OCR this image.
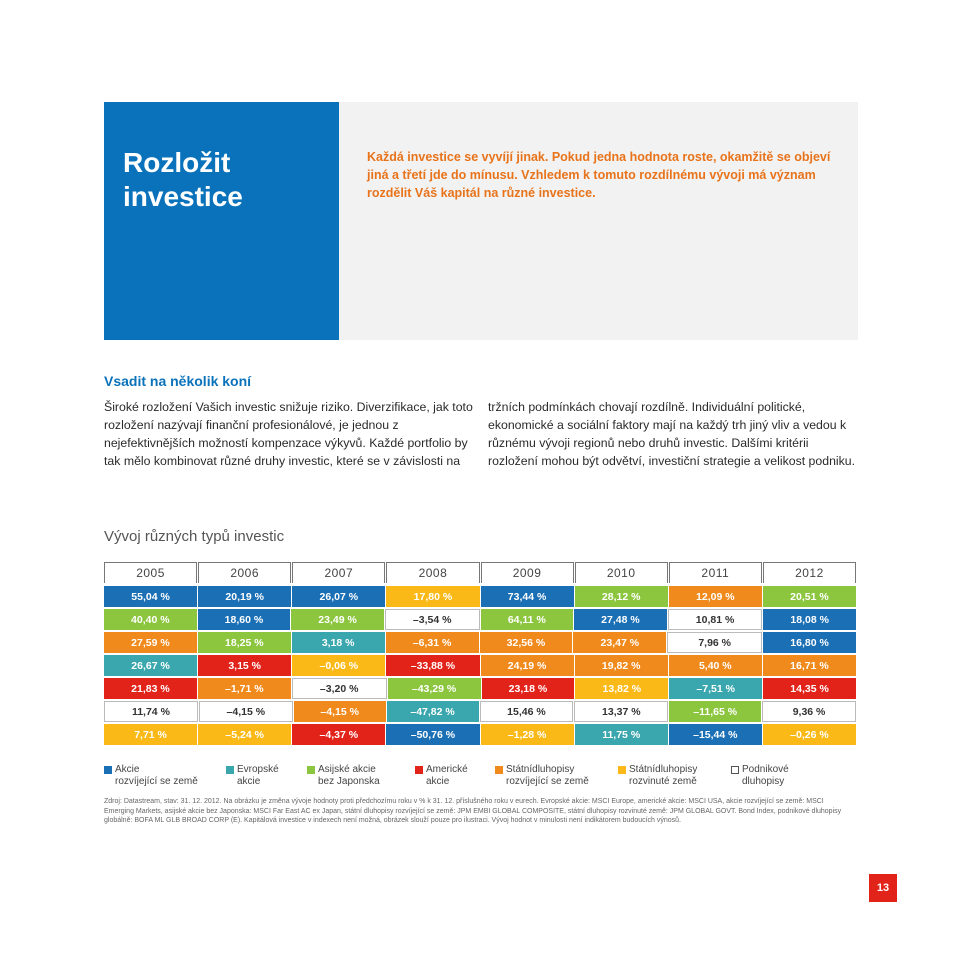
Rozložit
investice
Každá investice se vyvíjí jinak. Pokud jedna hodnota roste, okamžitě se objeví jiná a třetí jde do mínusu. Vzhledem k tomuto rozdílnému vývoji má význam rozdělit Váš kapitál na různé investice.
Vsadit na několik koní
Široké rozložení Vašich investic snižuje riziko. Diverzifikace, jak toto rozložení nazývají finanční profesionálové, je jednou z nejefektivnějších možností kompenzace výkyvů. Každé portfolio by tak mělo kombinovat různé druhy investic, které se v závislosti na
tržních podmínkách chovají rozdílně. Individuální politické, ekonomické a sociální faktory mají na každý trh jiný vliv a vedou k různému vývoji regionů nebo druhů investic. Dalšími kritérii rozložení mohou být odvětví, investiční strategie a velikost podniku.
Vývoj různých typů investic
2005	2006	2007	2008	2009	2010	2011	2012
55,04 %	20,19 %	26,07 %	17,80 %	73,44 %	28,12 %	12,09 %	20,51 %
40,40 %	18,60 %	23,49 %	–3,54 %	64,11 %	27,48 %	10,81 %	18,08 %
27,59 %	18,25 %	3,18 %	–6,31 %	32,56 %	23,47 %	7,96 %	16,80 %
26,67 %	3,15 %	–0,06 %	–33,88 %	24,19 %	19,82 %	5,40 %	16,71 %
21,83 %	–1,71 %	–3,20 %	–43,29 %	23,18 %	13,82 %	–7,51 %	14,35 %
11,74 %	–4,15 %	–4,15 %	–47,82 %	15,46 %	13,37 %	–11,65 %	9,36 %
7,71 %	–5,24 %	–4,37 %	–50,76 %	–1,28 %	11,75 %	–15,44 %	–0,26 %
Akcie
rozvíjející se země
Evropské
akcie
Asijské akcie
bez Japonska
Americké
akcie
Státnídluhopisy
rozvíjející se země
Státnídluhopisy
rozvinuté země
Podnikové
dluhopisy
Zdroj: Datastream, stav: 31. 12. 2012. Na obrázku je změna vývoje hodnoty proti předchozímu roku v % k 31. 12. příslušného roku v eurech. Evropské akcie: MSCI Europe, americké akcie: MSCI USA, akcie rozvíjející se země: MSCI Emerging Markets, asijské akcie bez Japonska: MSCI Far East AC ex Japan, státní dluhopisy rozvíjející se země: JPM EMBI GLOBAL COMPOSITE, státní dluhopisy rozvinuté země: JPM GLOBAL GOVT. Bond Index, podnikové dluhopisy globálně: BOFA ML GLB BROAD CORP (E). Kapitálová investice v indexech není možná, obrázek slouží pouze pro ilustraci. Vývoj hodnot v minulosti není indikátorem budoucích výnosů.
13
